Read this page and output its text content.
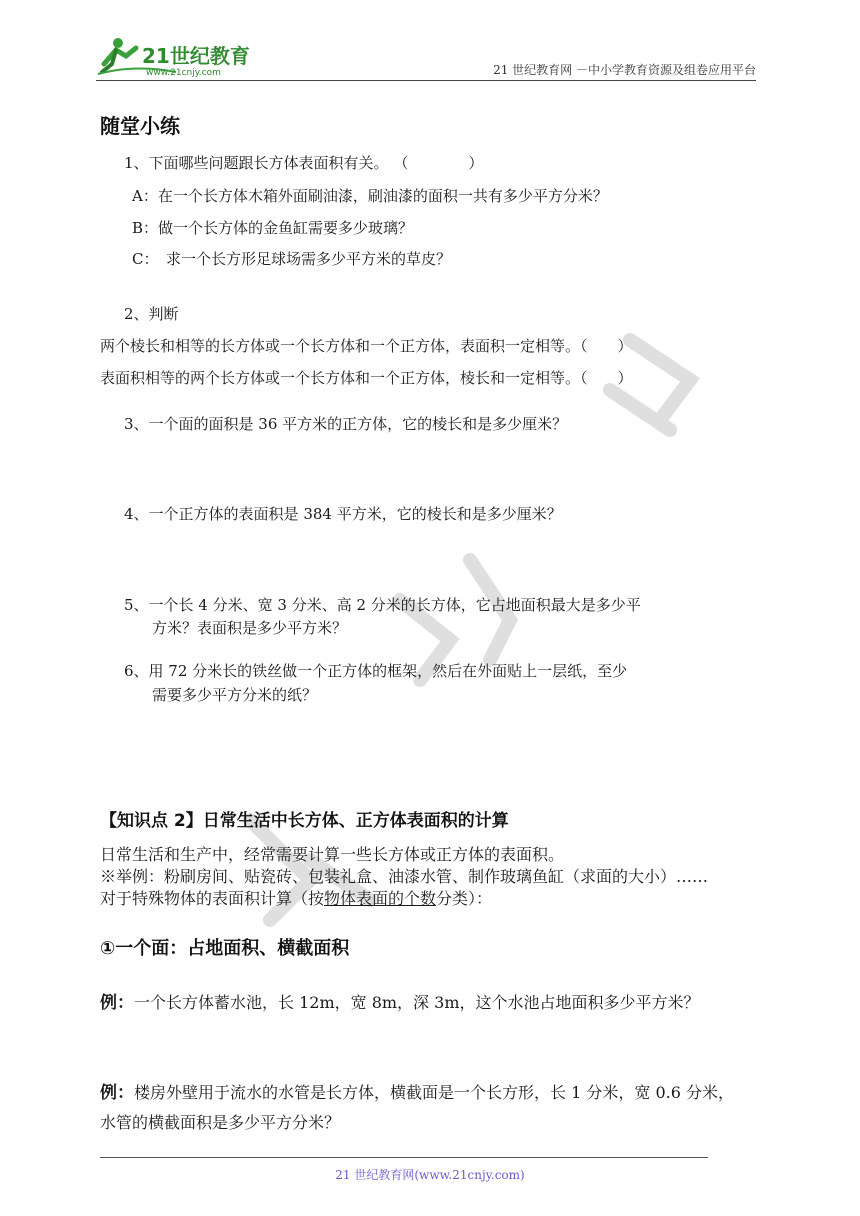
21世纪教育
www.21cnjy.com	21 世纪教育网 －中小学教育资源及组卷应用平台
随堂小练
1、下面哪些问题跟长方体表面积有关。 （　　　　）
A：在一个长方体木箱外面刷油漆，刷油漆的面积一共有多少平方分米？
B：做一个长方体的金鱼缸需要多少玻璃？
C：　求一个长方形足球场需多少平方米的草皮？
2、判断
两个棱长和相等的长方体或一个长方体和一个正方体，表面积一定相等。（　　）
表面积相等的两个长方体或一个长方体和一个正方体，棱长和一定相等。（　　）
3、一个面的面积是 36 平方米的正方体，它的棱长和是多少厘米？
4、一个正方体的表面积是 384 平方米，它的棱长和是多少厘米？
5、一个长 4 分米、宽 3 分米、高 2 分米的长方体，它占地面积最大是多少平
方米？表面积是多少平方米？
6、用 72 分米长的铁丝做一个正方体的框架，然后在外面贴上一层纸，至少
需要多少平方分米的纸？
【知识点 2】日常生活中长方体、正方体表面积的计算
日常生活和生产中，经常需要计算一些长方体或正方体的表面积。
※举例：粉刷房间、贴瓷砖、包装礼盒、油漆水管、制作玻璃鱼缸（求面的大小）……
对于特殊物体的表面积计算（按物体表面的个数分类）：
①一个面：占地面积、横截面积
例：一个长方体蓄水池，长 12m，宽 8m，深 3m，这个水池占地面积多少平方米？
例：楼房外壁用于流水的水管是长方体，横截面是一个长方形，长 1 分米，宽 0.6 分米，
水管的横截面积是多少平方分米？
21 世纪教育网(www.21cnjy.com)
